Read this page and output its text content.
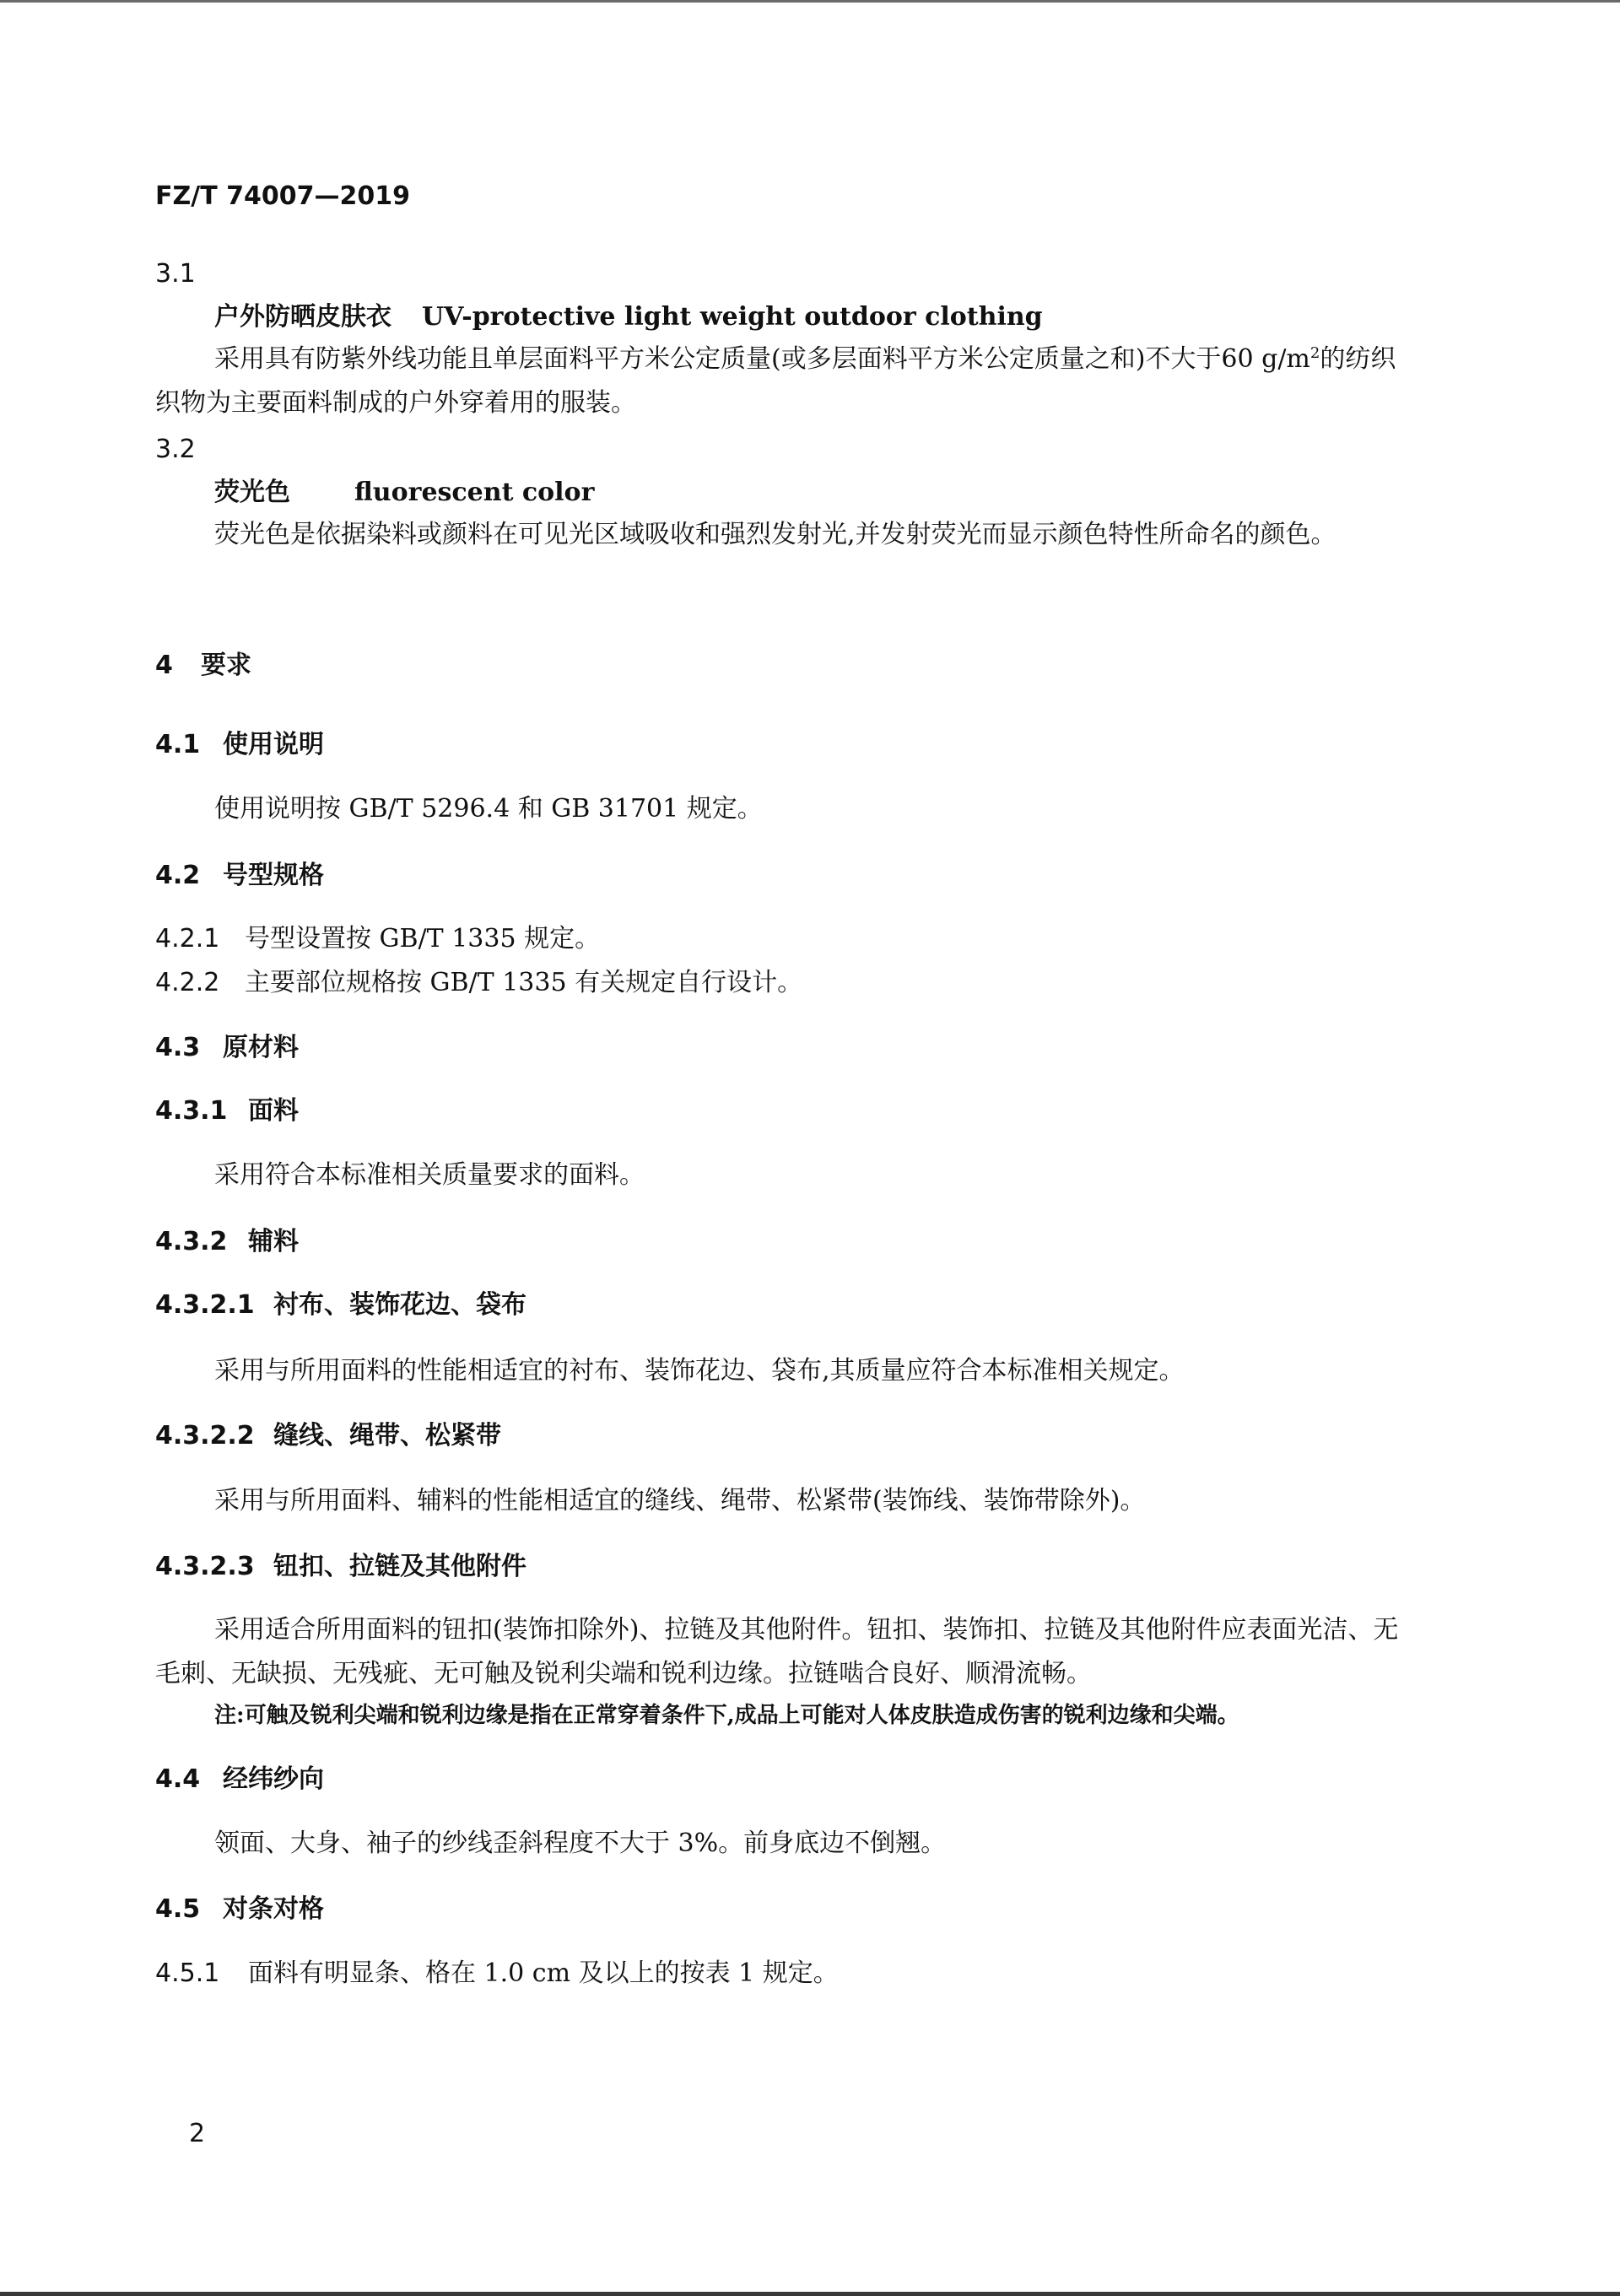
FZ/T 74007—2019
3.1
户外防晒皮肤衣 UV-protective light weight outdoor clothing
采用具有防紫外线功能且单层面料平方米公定质量(或多层面料平方米公定质量之和)不大于60 $g/m^2$的纺织织物为主要面料制成的户外穿着用的服装。
3.2
荧光色	fluorescent color
荧光色是依据染料或颜料在可见光区域吸收和强烈发射光,并发射荧光而显示颜色特性所命名的颜色。
4 要求
4.1 使用说明
使用说明按 GB/T 5296.4 和 GB 31701 规定。
4.2 号型规格
4.2.1 号型设置按 GB/T 1335 规定。
4.2.2 主要部位规格按 GB/T 1335 有关规定自行设计。
4.3 原材料
4.3.1 面料
采用符合本标准相关质量要求的面料。
4.3.2 辅料
4.3.2.1 衬布、装饰花边、袋布
采用与所用面料的性能相适宜的衬布、装饰花边、袋布,其质量应符合本标准相关规定。
4.3.2.2 缝线、绳带、松紧带
采用与所用面料、辅料的性能相适宜的缝线、绳带、松紧带(装饰线、装饰带除外)。
4.3.2.3 钮扣、拉链及其他附件
采用适合所用面料的钮扣(装饰扣除外)、拉链及其他附件。钮扣、装饰扣、拉链及其他附件应表面光洁、无毛刺、无缺损、无残疵、无可触及锐利尖端和锐利边缘。拉链啮合良好、顺滑流畅。
注:可触及锐利尖端和锐利边缘是指在正常穿着条件下,成品上可能对人体皮肤造成伤害的锐利边缘和尖端。
4.4 经纬纱向
领面、大身、袖子的纱线歪斜程度不大于 3%。前身底边不倒翘。
4.5 对条对格
4.5.1 面料有明显条、格在 1.0 cm 及以上的按表 1 规定。
2
